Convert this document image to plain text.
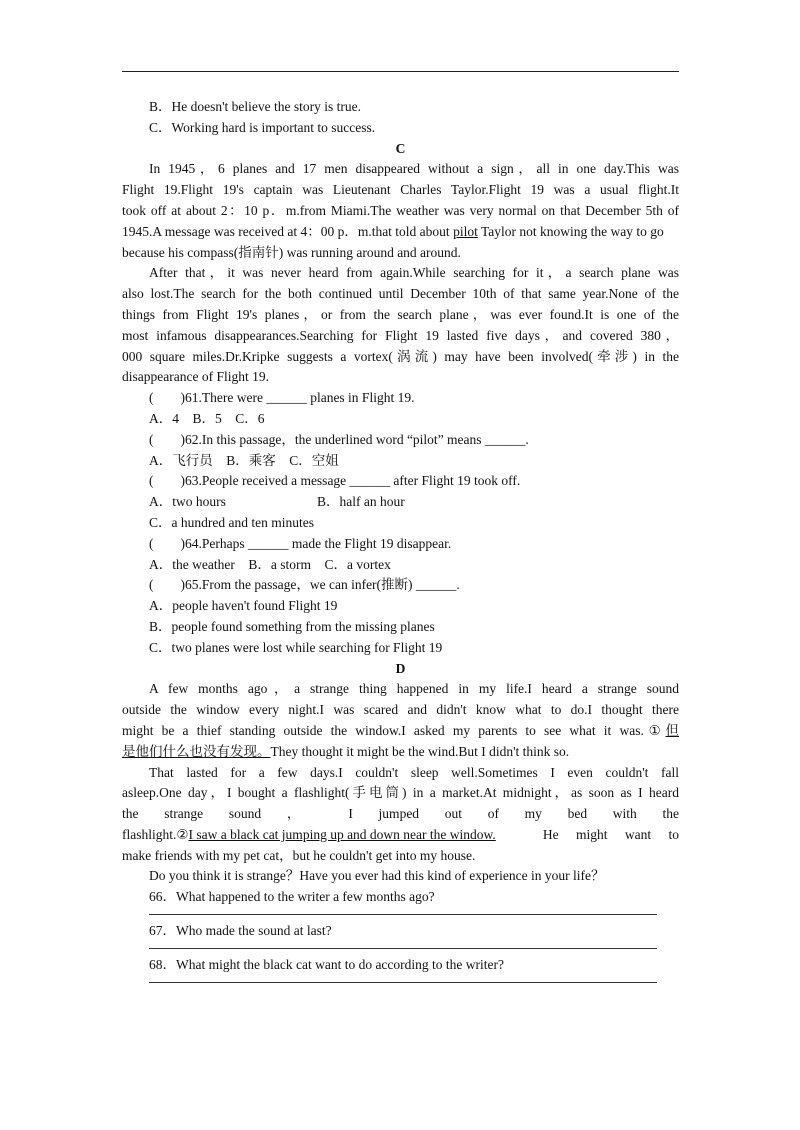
B．He doesn't believe the story is true.
C．Working hard is important to success.
C
In 1945，6 planes and 17 men disappeared without a sign，all in one day.This was
Flight 19.Flight 19's captain was Lieutenant Charles Taylor.Flight 19 was a usual flight.It
took off at about 2：10 p．m.from Miami.The weather was very normal on that December 5th of
1945.A message was received at 4：00 p．m.that told about pilot Taylor not knowing the way to go
because his compass(指南针) was running around and around.
After that，it was never heard from again.While searching for it，a search plane was
also lost.The search for the both continued until December 10th of that same year.None of the
things from Flight 19's planes，or from the search plane，was ever found.It is one of the
most infamous disappearances.Searching for Flight 19 lasted five days，and covered 380，
000 square miles.Dr.Kripke suggests a vortex(涡流) may have been involved(牵涉) in the
disappearance of Flight 19.
(　　)61.There were ______ planes in Flight 19.
A．4　B．5　C．6
(　　)62.In this passage，the underlined word “pilot” means ______.
A．飞行员　B．乘客　C．空姐
(　　)63.People received a message ______ after Flight 19 took off.
A．two hours	B．half an hour
C．a hundred and ten minutes
(　　)64.Perhaps ______ made the Flight 19 disappear.
A．the weather　B．a storm　C．a vortex
(　　)65.From the passage，we can infer(推断) ______.
A．people haven't found Flight 19
B．people found something from the missing planes
C．two planes were lost while searching for Flight 19
D
A few months ago，a strange thing happened in my life.I heard a strange sound
outside the window every night.I was scared and didn't know what to do.I thought there
might be a thief standing outside the window.I asked my parents to see what it was.①但
是他们什么也没有发现。They thought it might be the wind.But I didn't think so.
That lasted for a few days.I couldn't sleep well.Sometimes I even couldn't fall
asleep.One day，I bought a flashlight(手电筒) in a market.At midnight，as soon as I heard
the strange sound ， I jumped out of my bed with the
flashlight.②I saw a black cat jumping up and down near the window.	He might want to
make friends with my pet cat，but he couldn't get into my house.
Do you think it is strange？Have you ever had this kind of experience in your life？
66．What happened to the writer a few months ago?
67．Who made the sound at last?
68．What might the black cat want to do according to the writer?
